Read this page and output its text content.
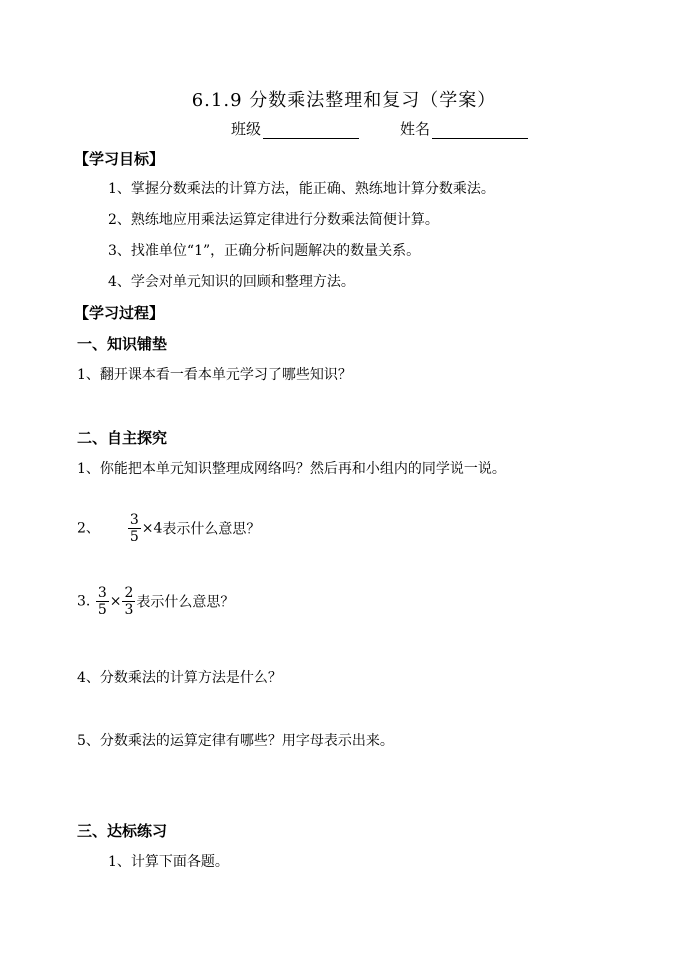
6.1.9 分数乘法整理和复习（学案）
班级	姓名
【学习目标】
1、掌握分数乘法的计算方法，能正确、熟练地计算分数乘法。
2、熟练地应用乘法运算定律进行分数乘法简便计算。
3、找准单位“1”，正确分析问题解决的数量关系。
4、学会对单元知识的回顾和整理方法。
【学习过程】
一、知识铺垫
1、翻开课本看一看本单元学习了哪些知识？
二、自主探究
1、你能把本单元知识整理成网络吗？然后再和小组内的同学说一说。
2、 $\frac{3}{5} \times 4$表示什么意思？
3. $\frac{3}{5} \times \frac{2}{3}$ 表示什么意思？
4、分数乘法的计算方法是什么？
5、分数乘法的运算定律有哪些？用字母表示出来。
三、达标练习
1、计算下面各题。
